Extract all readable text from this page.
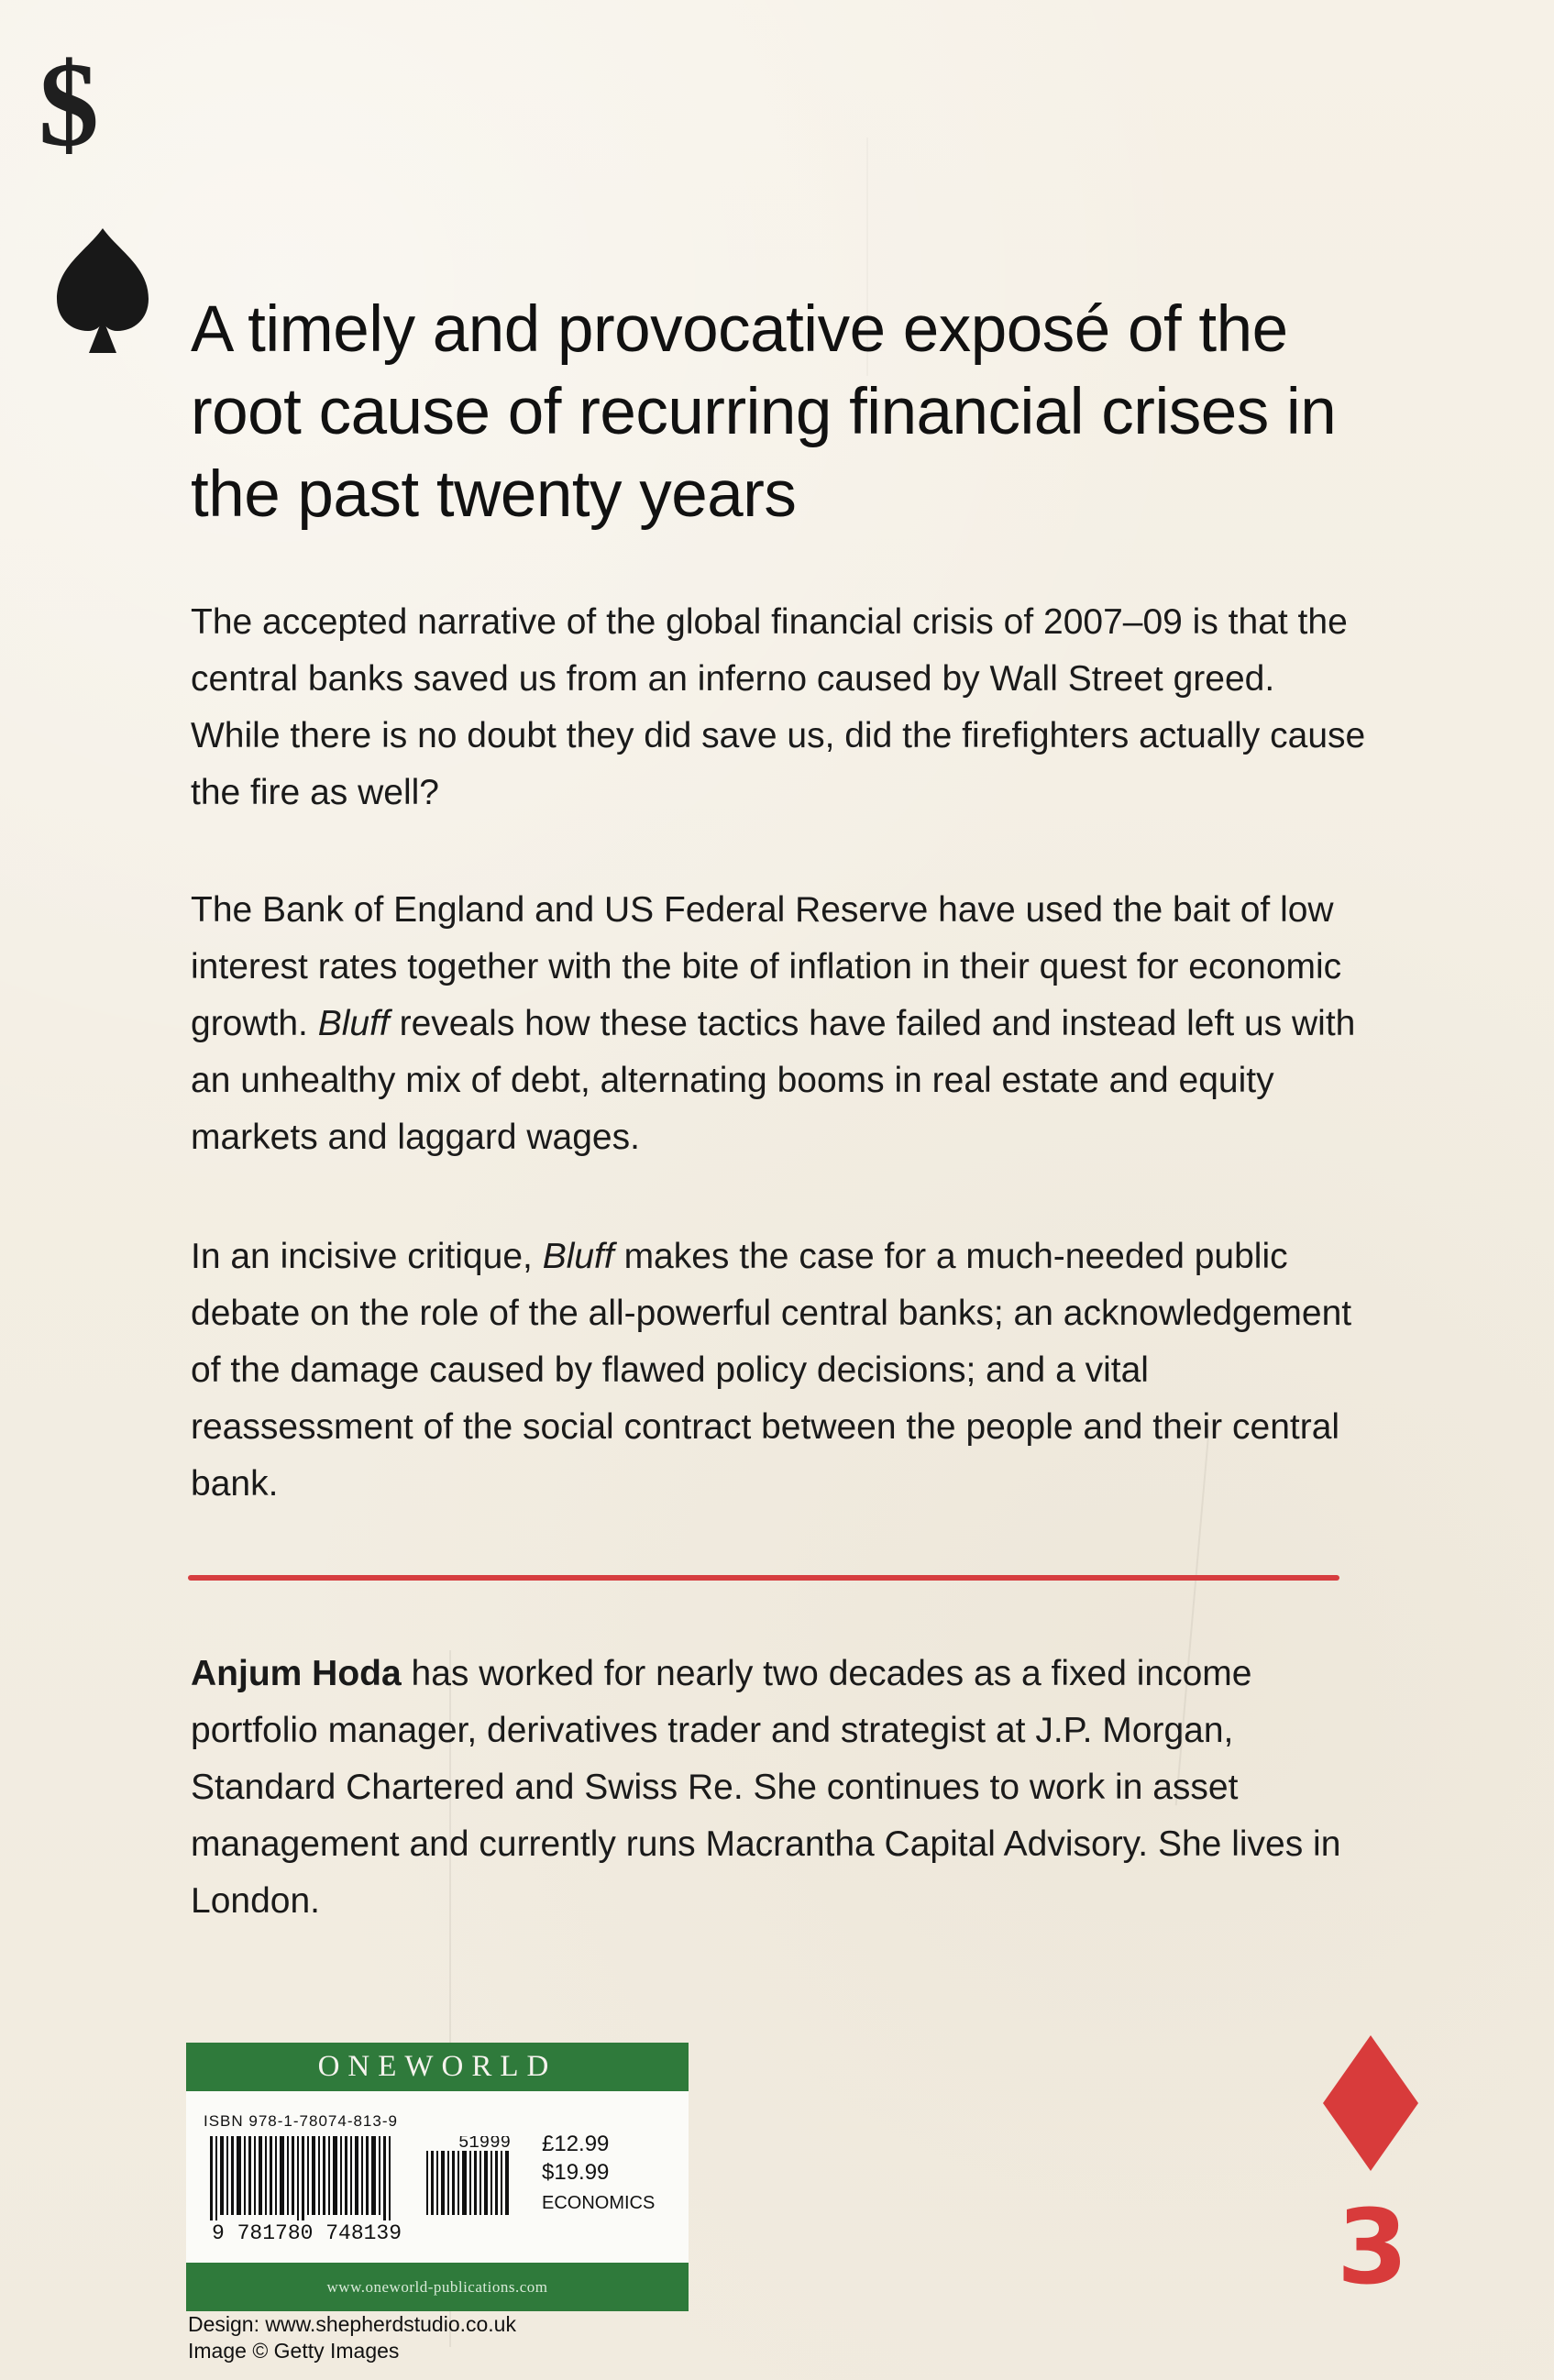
$
A timely and provocative exposé of the root cause of recurring financial crises in the past twenty years

The accepted narrative of the global financial crisis of 2007–09 is that the central banks saved us from an inferno caused by Wall Street greed. While there is no doubt they did save us, did the firefighters actually cause the fire as well?

The Bank of England and US Federal Reserve have used the bait of low interest rates together with the bite of inflation in their quest for economic growth. Bluff reveals how these tactics have failed and instead left us with an unhealthy mix of debt, alternating booms in real estate and equity markets and laggard wages.

In an incisive critique, Bluff makes the case for a much-needed public debate on the role of the all-powerful central banks; an acknowledgement of the damage caused by flawed policy decisions; and a vital reassessment of the social contract between the people and their central bank.

Anjum Hoda has worked for nearly two decades as a fixed income portfolio manager, derivatives trader and strategist at J.P. Morgan, Standard Chartered and Swiss Re. She continues to work in asset management and currently runs Macrantha Capital Advisory. She lives in London.
ONEWORLD
ISBN 978-1-78074-813-9
9 781780 748139
51999 £12.99
$19.99
ECONOMICS
www.oneworld-publications.com
Design: www.shepherdstudio.co.uk
Image © Getty Images
3
